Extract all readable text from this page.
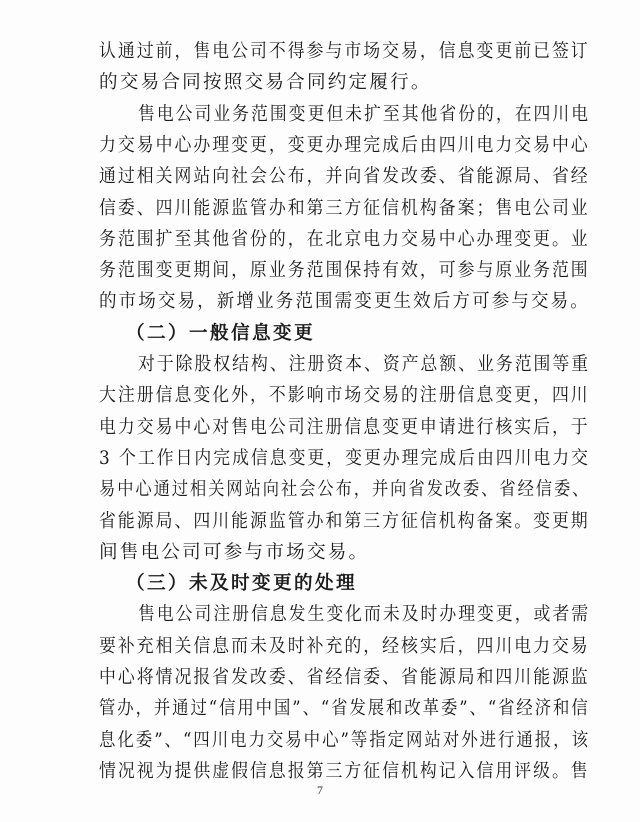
认通过前，售电公司不得参与市场交易，信息变更前已签订
的交易合同按照交易合同约定履行。
售电公司业务范围变更但未扩至其他省份的，在四川电
力交易中心办理变更，变更办理完成后由四川电力交易中心
通过相关网站向社会公布，并向省发改委、省能源局、省经
信委、四川能源监管办和第三方征信机构备案；售电公司业
务范围扩至其他省份的，在北京电力交易中心办理变更。业
务范围变更期间，原业务范围保持有效，可参与原业务范围
的市场交易，新增业务范围需变更生效后方可参与交易。
（二）一般信息变更
对于除股权结构、注册资本、资产总额、业务范围等重
大注册信息变化外，不影响市场交易的注册信息变更，四川
电力交易中心对售电公司注册信息变更申请进行核实后，于
3 个工作日内完成信息变更，变更办理完成后由四川电力交
易中心通过相关网站向社会公布，并向省发改委、省经信委、
省能源局、四川能源监管办和第三方征信机构备案。变更期
间售电公司可参与市场交易。
（三）未及时变更的处理
售电公司注册信息发生变化而未及时办理变更，或者需
要补充相关信息而未及时补充的，经核实后，四川电力交易
中心将情况报省发改委、省经信委、省能源局和四川能源监
管办，并通过“信用中国”、“省发展和改革委”、“省经济和信
息化委”、“四川电力交易中心”等指定网站对外进行通报，该
情况视为提供虚假信息报第三方征信机构记入信用评级。售
7
